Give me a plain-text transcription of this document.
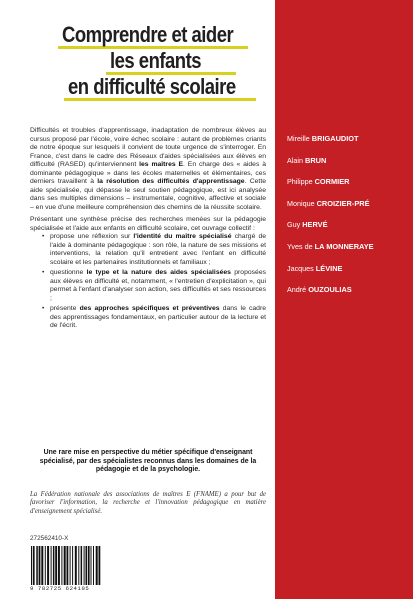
Comprendre et aider
les enfants
en difficulté scolaire
Mireille BRIGAUDIOT
Alain BRUN
Philippe CORMIER
Monique CROIZIER-PRÉ
Guy HERVÉ
Yves de LA MONNERAYE
Jacques LÉVINE
André OUZOULIAS

Difficultés et troubles d'apprentissage, inadaptation de nombreux élèves au cursus proposé par l'école, voire échec scolaire : autant de problèmes criants de notre époque sur lesquels il convient de toute urgence de s'interroger. En France, c'est dans le cadre des Réseaux d'aides spécialisées aux élèves en difficulté (RASED) qu'interviennent les maîtres E. En charge des « aides à dominante pédagogique » dans les écoles maternelles et élémentaires, ces derniers travaillent à la résolution des difficultés d'apprentissage. Cette aide spécialisée, qui dépasse le seul soutien pédagogique, est ici analysée dans ses multiples dimensions – instrumentale, cognitive, affective et sociale – en vue d'une meilleure compréhension des chemins de la réussite scolaire.

Présentant une synthèse précise des recherches menées sur la pédagogie spécialisée et l'aide aux enfants en difficulté scolaire, cet ouvrage collectif :

• propose une réflexion sur l'identité du maître spécialisé chargé de l'aide à dominante pédagogique : son rôle, la nature de ses missions et interventions, la relation qu'il entretient avec l'enfant en difficulté scolaire et les partenaires institutionnels et familiaux ;
• questionne le type et la nature des aides spécialisées proposées aux élèves en difficulté et, notamment, « l'entretien d'explicitation », qui permet à l'enfant d'analyser son action, ses difficultés et ses ressources ;
• présente des approches spécifiques et préventives dans le cadre des apprentissages fondamentaux, en particulier autour de la lecture et de l'écrit.
Une rare mise en perspective du métier spécifique d'enseignant spécialisé, par des spécialistes reconnus dans les domaines de la pédagogie et de la psychologie.
La Fédération nationale des associations de maîtres E (FNAME) a pour but de favoriser l'information, la recherche et l'innovation pédagogique en matière d'enseignement spécialisé.
272562410-X
9 782725 624105
